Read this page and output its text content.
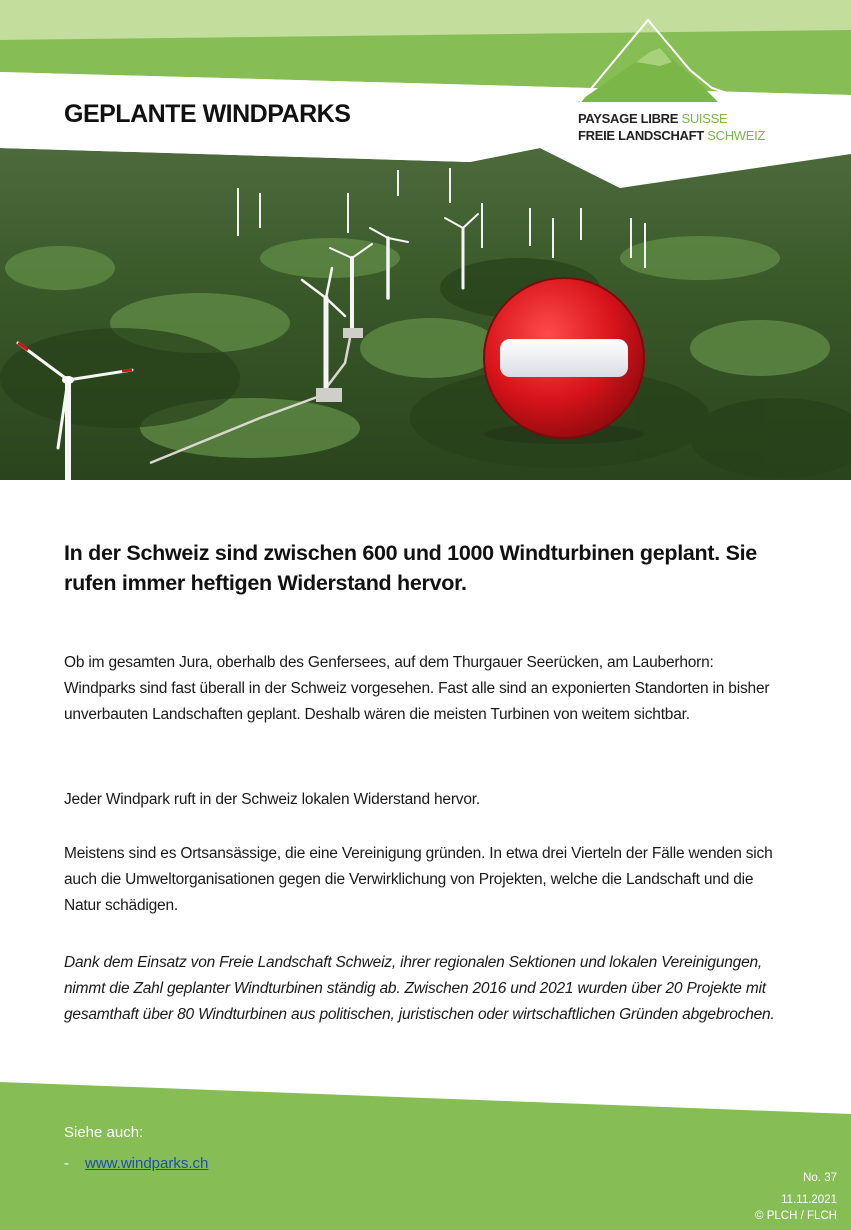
GEPLANTE WINDPARKS	PAYSAGE LIBRE SUISSE
FREIE LANDSCHAFT SCHWEIZ
In der Schweiz sind zwischen 600 und 1000 Windturbinen geplant. Sie rufen immer heftigen Widerstand hervor.
Ob im gesamten Jura, oberhalb des Genfersees, auf dem Thurgauer Seerücken, am Lauberhorn: Windparks sind fast überall in der Schweiz vorgesehen. Fast alle sind an exponierten Standorten in bisher unverbauten Landschaften geplant. Deshalb wären die meisten Turbinen von weitem sichtbar.
Jeder Windpark ruft in der Schweiz lokalen Widerstand hervor.
Meistens sind es Ortsansässige, die eine Vereinigung gründen. In etwa drei Vierteln der Fälle wenden sich auch die Umweltorganisationen gegen die Verwirklichung von Projekten, welche die Landschaft und die Natur schädigen.
Dank dem Einsatz von Freie Landschaft Schweiz, ihrer regionalen Sektionen und lokalen Vereinigungen, nimmt die Zahl geplanter Windturbinen ständig ab. Zwischen 2016 und 2021 wurden über 20 Projekte mit gesamthaft über 80 Windturbinen aus politischen, juristischen oder wirtschaftlichen Gründen abgebrochen.
Siehe auch:
- www.windparks.ch
No. 37
11.11.2021
© PLCH / FLCH
